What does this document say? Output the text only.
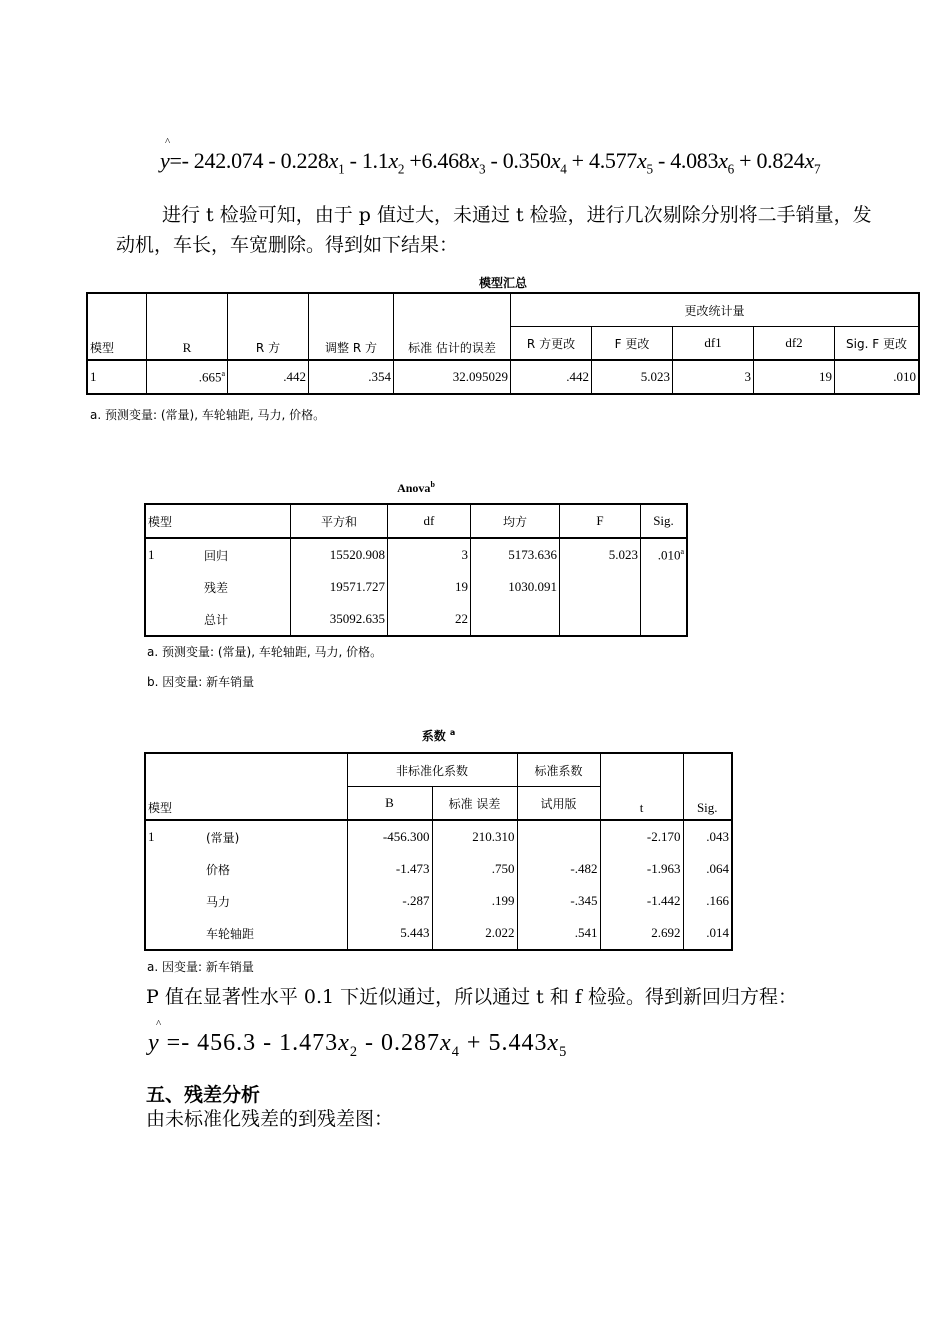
^
y=- $242.074 - 0.228x_1 - 1.1x_2 +6.468x_3 - 0.350x_4 + 4.577x_5 - 4.083x_6 + 0.824x_7$
进行 t 检验可知，由于 p 值过大，未通过 t 检验，进行几次剔除分别将二手销量，发动机，车长，车宽删除。得到如下结果：
模型汇总
模型	R	R 方	调整 R 方	标准 估计的误差	更改统计量				
					R 方更改	F 更改	df1	df2	Sig. F 更改
1	.665$^a$	.442	.354	32.095029	.442	5.023	3	19	.010
a. 预测变量: (常量), 车轮轴距, 马力, 价格。
Anova$^b$
模型		平方和	df	均方	F	Sig.
1	回归	15520.908	3	5173.636	5.023	.010$^a$
	残差	19571.727	19	1030.091		
	总计	35092.635	22			
a. 预测变量: (常量), 车轮轴距, 马力, 价格。
b. 因变量: 新车销量
系数 $^a$
模型		非标准化系数		标准系数	t	Sig.
		B	标准 误差	试用版		
1	(常量)	-456.300	210.310		-2.170	.043
	价格	-1.473	.750	-.482	-1.963	.064
	马力	-.287	.199	-.345	-1.442	.166
	车轮轴距	5.443	2.022	.541	2.692	.014
a. 因变量: 新车销量
P 值在显著性水平 0.1 下近似通过，所以通过 t 和 f 检验。得到新回归方程：
^
$y =- 456.3 - 1.473x_2 - 0.287x_4 + 5.443x_5$
五、残差分析
由未标准化残差的到残差图：
